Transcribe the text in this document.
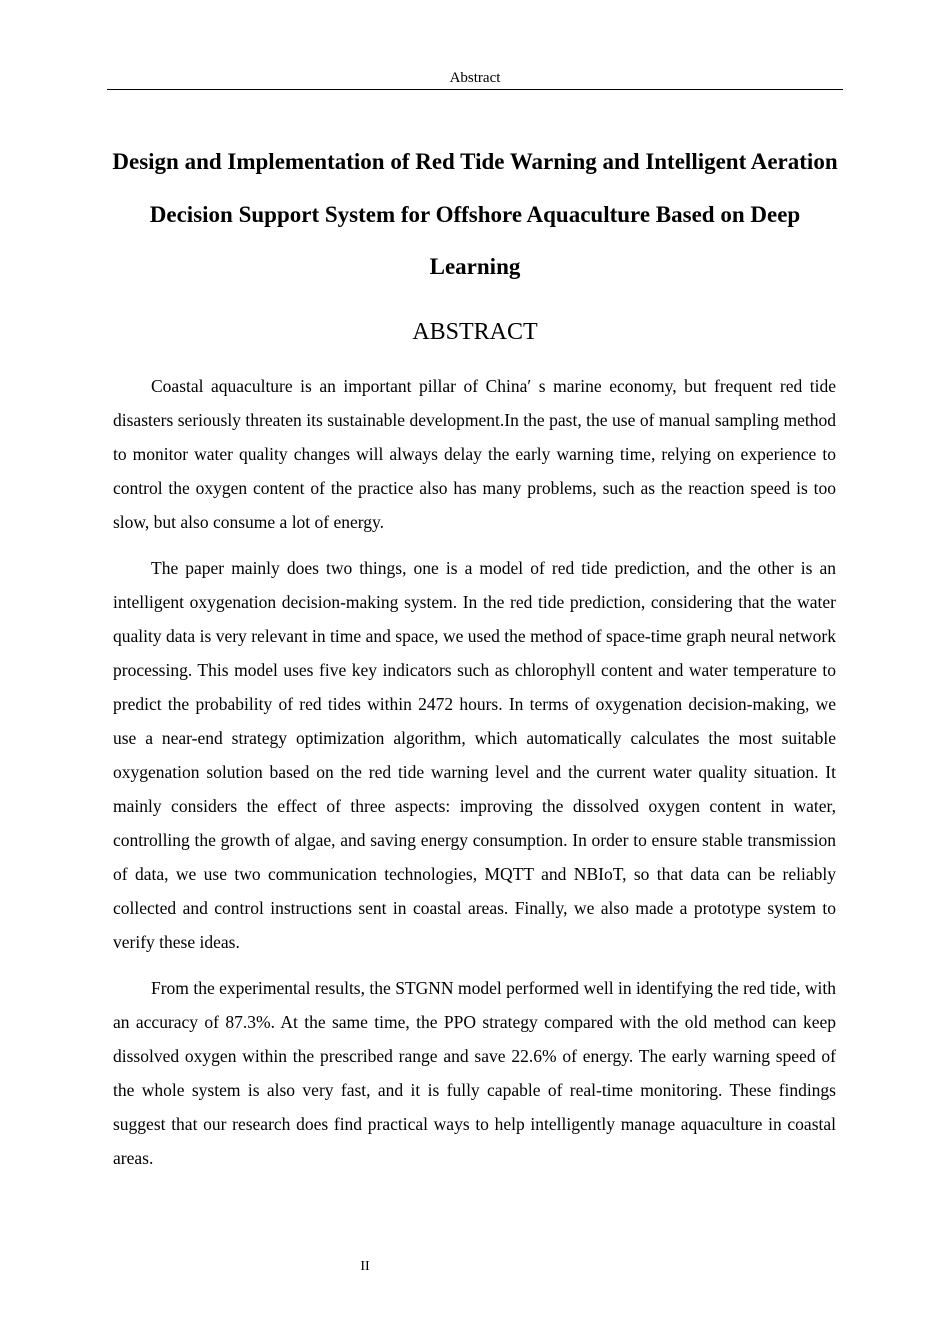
Abstract
Design and Implementation of Red Tide Warning and Intelligent Aeration Decision Support System for Offshore Aquaculture Based on Deep Learning
ABSTRACT

Coastal aquaculture is an important pillar of China′ s marine economy, but frequent red tide disasters seriously threaten its sustainable development.In the past, the use of manual sampling method to monitor water quality changes will always delay the early warning time, relying on experience to control the oxygen content of the practice also has many problems, such as the reaction speed is too slow, but also consume a lot of energy.

The paper mainly does two things, one is a model of red tide prediction, and the other is an intelligent oxygenation decision-making system. In the red tide prediction, considering that the water quality data is very relevant in time and space, we used the method of space-time graph neural network processing. This model uses five key indicators such as chlorophyll content and water temperature to predict the probability of red tides within 2472 hours. In terms of oxygenation decision-making, we use a near-end strategy optimization algorithm, which automatically calculates the most suitable oxygenation solution based on the red tide warning level and the current water quality situation. It mainly considers the effect of three aspects: improving the dissolved oxygen content in water, controlling the growth of algae, and saving energy consumption. In order to ensure stable transmission of data, we use two communication technologies, MQTT and NBIoT, so that data can be reliably collected and control instructions sent in coastal areas. Finally, we also made a prototype system to verify these ideas.

From the experimental results, the STGNN model performed well in identifying the red tide, with an accuracy of 87.3%. At the same time, the PPO strategy compared with the old method can keep dissolved oxygen within the prescribed range and save 22.6% of energy. The early warning speed of the whole system is also very fast, and it is fully capable of real-time monitoring. These findings suggest that our research does find practical ways to help intelligently manage aquaculture in coastal areas.

II
